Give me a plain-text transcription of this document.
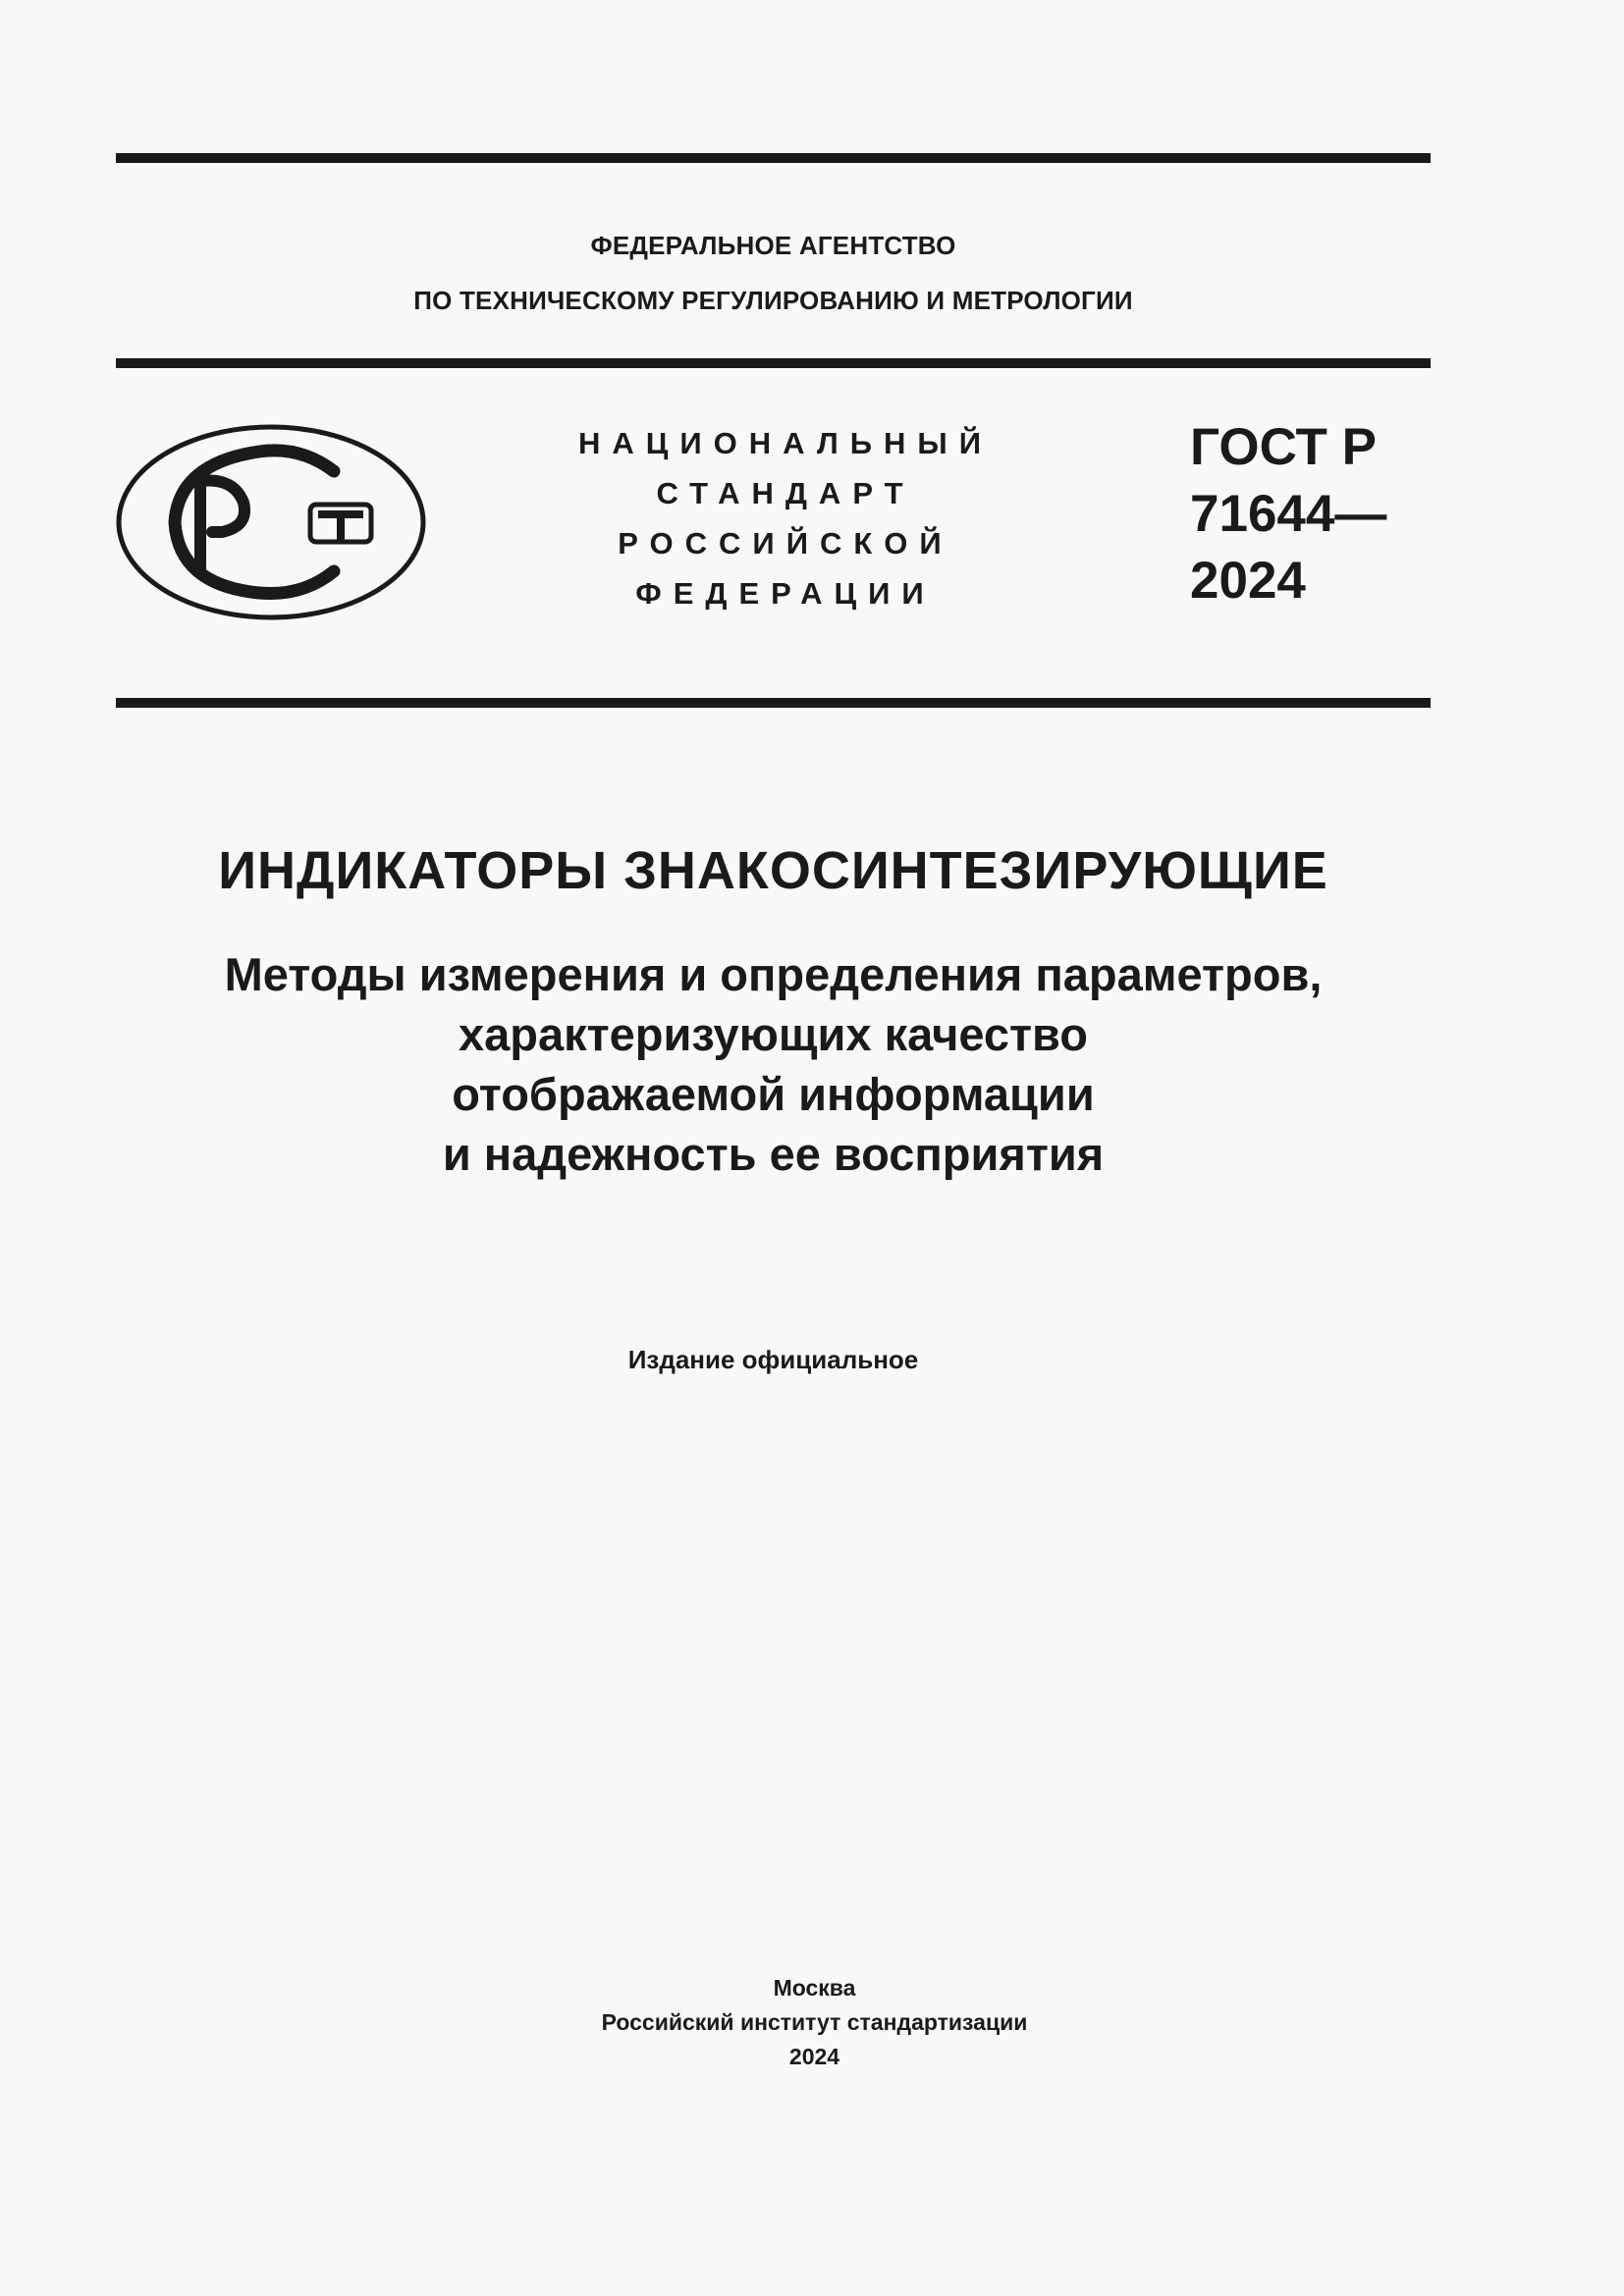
ФЕДЕРАЛЬНОЕ АГЕНТСТВО
ПО ТЕХНИЧЕСКОМУ РЕГУЛИРОВАНИЮ И МЕТРОЛОГИИ
НАЦИОНАЛЬНЫЙ
СТАНДАРТ
РОССИЙСКОЙ
ФЕДЕРАЦИИ
ГОСТ Р
71644—
2024
ИНДИКАТОРЫ ЗНАКОСИНТЕЗИРУЮЩИЕ
Методы измерения и определения параметров,
характеризующих качество
отображаемой информации
и надежность ее восприятия
Издание официальное
Москва
Российский институт стандартизации
2024
